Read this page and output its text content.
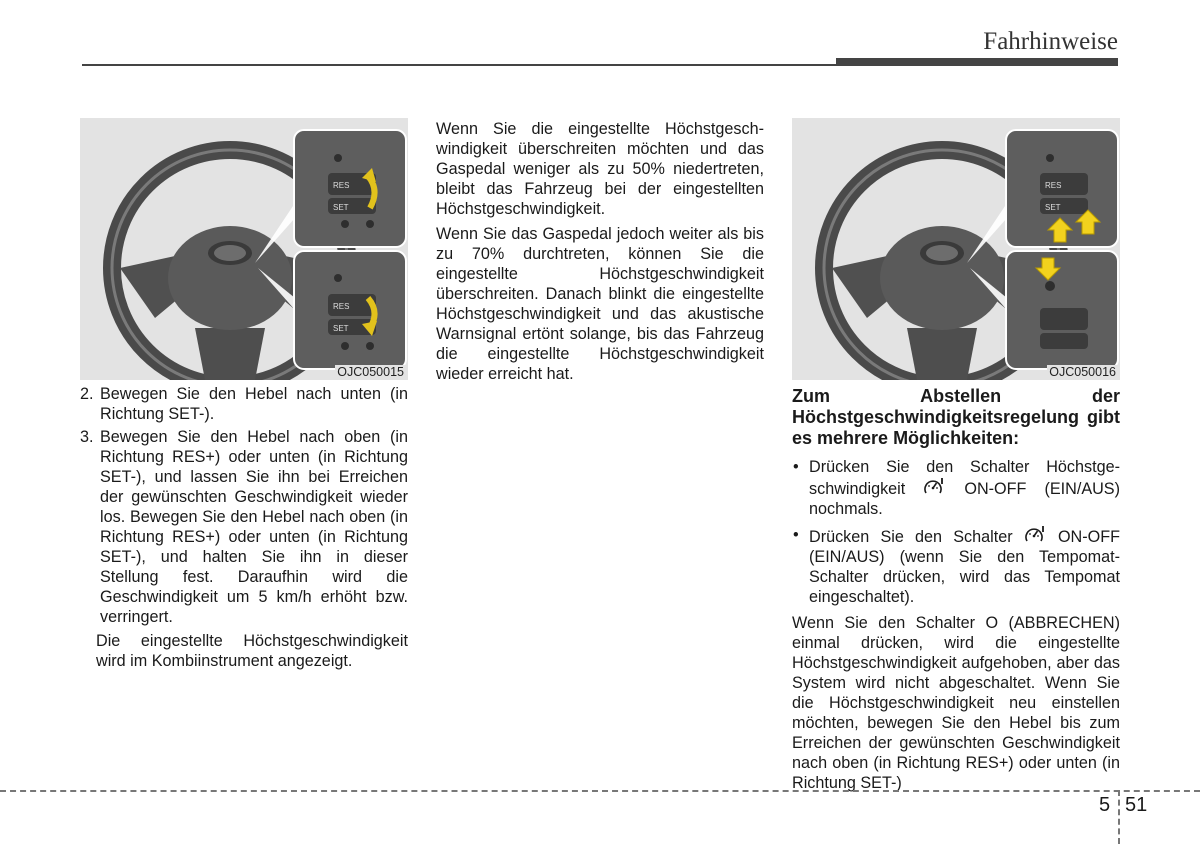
Fahrhinweise
RES
SET
RES
SET
OJC050015
2. Bewegen Sie den Hebel nach unten (in Richtung SET-).
3. Bewegen Sie den Hebel nach oben (in Richtung RES+) oder unten (in Richtung SET-), und lassen Sie ihn bei Erreichen der gewünschten Geschwindigkeit wieder los. Bewegen Sie den Hebel nach oben (in Richtung RES+) oder unten (in Richtung SET-), und halten Sie ihn in dieser Stellung fest. Daraufhin wird die Geschwindigkeit um 5 km/h erhöht bzw. verringert.

Die eingestellte Höchstgeschwindigkeit wird im Kombiinstrument angezeigt.

Wenn Sie die eingestellte Höchstgeschwindigkeit überschreiten möchten und das Gaspedal weniger als zu 50% niedertreten, bleibt das Fahrzeug bei der eingestellten Höchstgeschwindigkeit.

Wenn Sie das Gaspedal jedoch weiter als bis zu 70% durchtreten, können Sie die eingestellte Höchstgeschwindigkeit überschreiten. Danach blinkt die eingestellte Höchstgeschwindigkeit und das akustische Warnsignal ertönt solange, bis das Fahrzeug die eingestellte Höchstgeschwindigkeit wieder erreicht hat.

RES
SET
OJC050016
Zum Abstellen der Höchstgeschwindigkeitsregelung gibt es mehrere Möglichkeiten:
• Drücken Sie den Schalter Höchstgeschwindigkeit	ON-OFF (EIN/AUS) nochmals.
• Drücken Sie den Schalter	ON-OFF (EIN/AUS) (wenn Sie den Tempomat-Schalter drücken, wird das Tempomat eingeschaltet).

Wenn Sie den Schalter O (ABBRECHEN) einmal drücken, wird die eingestellte Höchstgeschwindigkeit aufgehoben, aber das System wird nicht abgeschaltet. Wenn Sie die Höchstgeschwindigkeit neu einstellen möchten, bewegen Sie den Hebel bis zum Erreichen der gewünschten Geschwindigkeit nach oben (in Richtung RES+) oder unten (in Richtung SET-)

5 51
